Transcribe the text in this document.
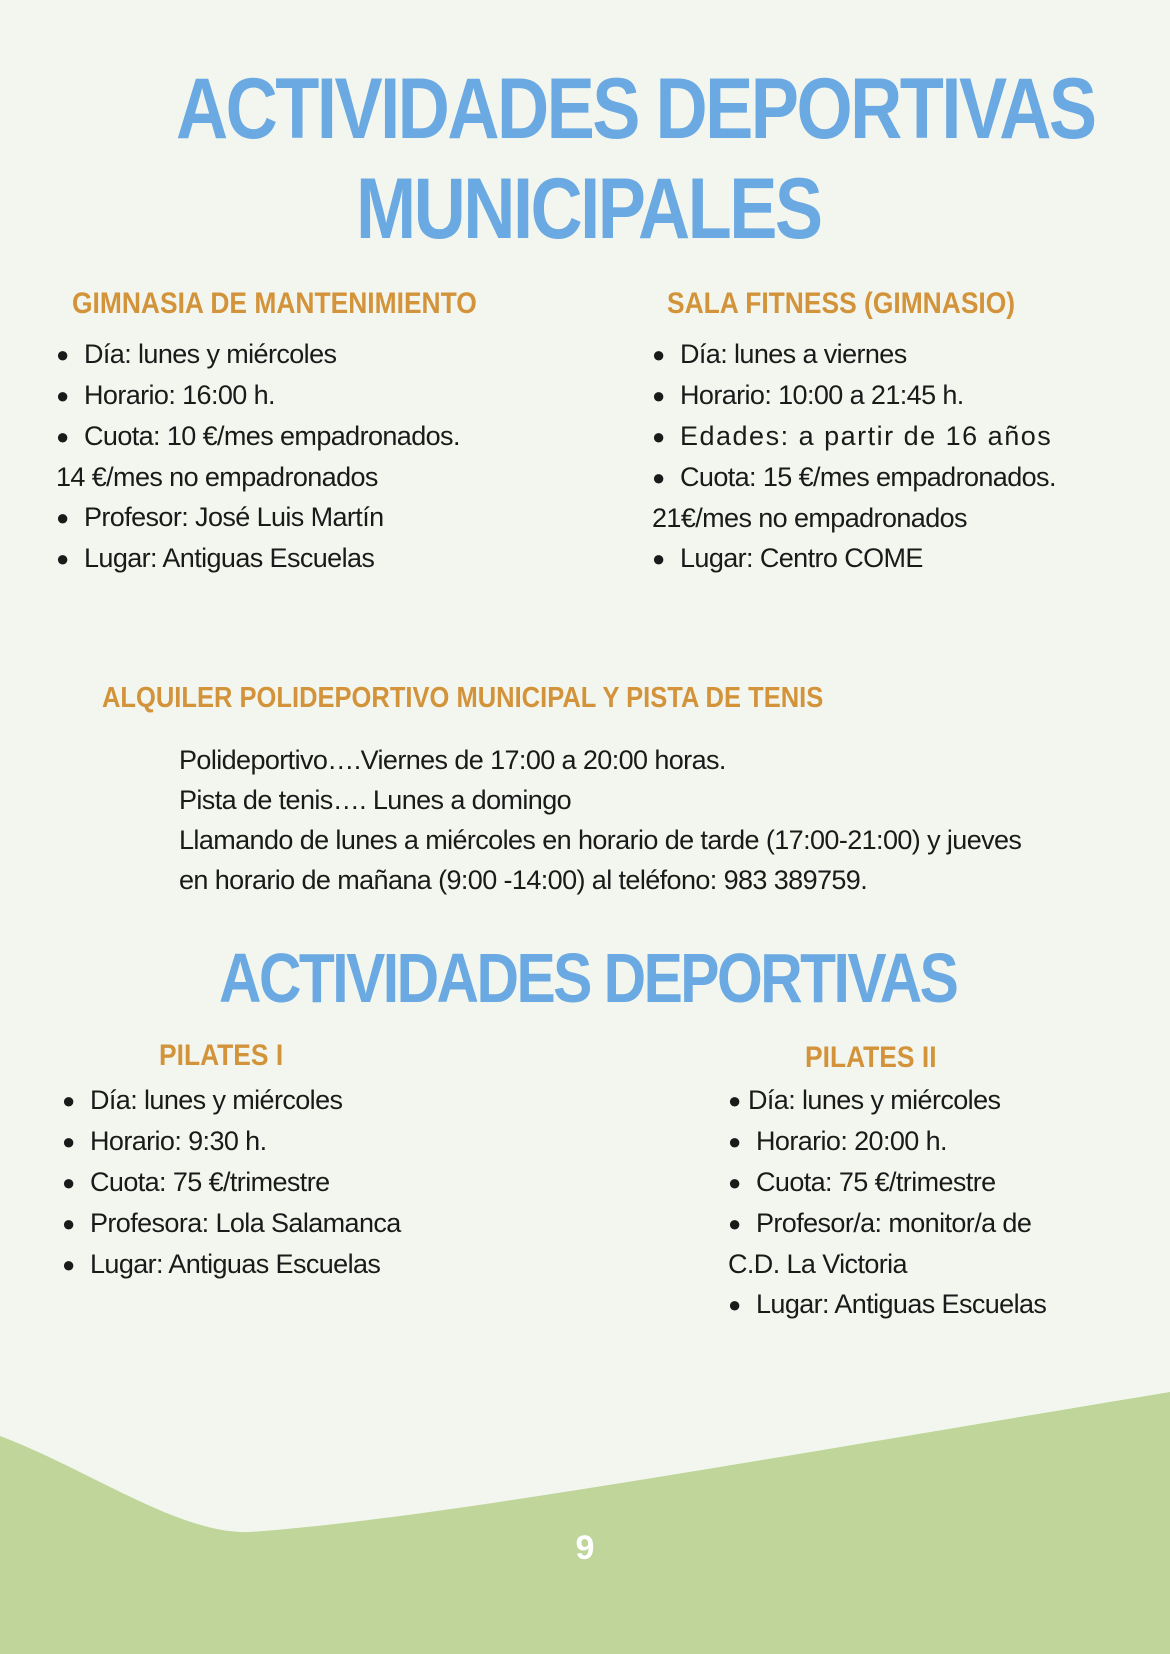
ACTIVIDADES DEPORTIVAS
MUNICIPALES
GIMNASIA DE MANTENIMIENTO
● Día: lunes y miércoles
● Horario: 16:00 h.
● Cuota: 10 €/mes empadronados.
14 €/mes no empadronados
● Profesor: José Luis Martín
● Lugar: Antiguas Escuelas
SALA FITNESS (GIMNASIO)
● Día: lunes a viernes
● Horario: 10:00 a 21:45 h.
● Edades: a partir de 16 años
● Cuota: 15 €/mes empadronados.
21€/mes no empadronados
● Lugar: Centro COME
ALQUILER POLIDEPORTIVO MUNICIPAL Y PISTA DE TENIS
Polideportivo….Viernes de 17:00 a 20:00 horas.
Pista de tenis…. Lunes a domingo
Llamando de lunes a miércoles en horario de tarde (17:00-21:00) y jueves
en horario de mañana (9:00 -14:00) al teléfono: 983 389759.
ACTIVIDADES DEPORTIVAS
PILATES I
● Día: lunes y miércoles
● Horario: 9:30 h.
● Cuota: 75 €/trimestre
● Profesora: Lola Salamanca
● Lugar: Antiguas Escuelas
PILATES II
● Día: lunes y miércoles
● Horario: 20:00 h.
● Cuota: 75 €/trimestre
● Profesor/a: monitor/a de
C.D. La Victoria
● Lugar: Antiguas Escuelas
9
